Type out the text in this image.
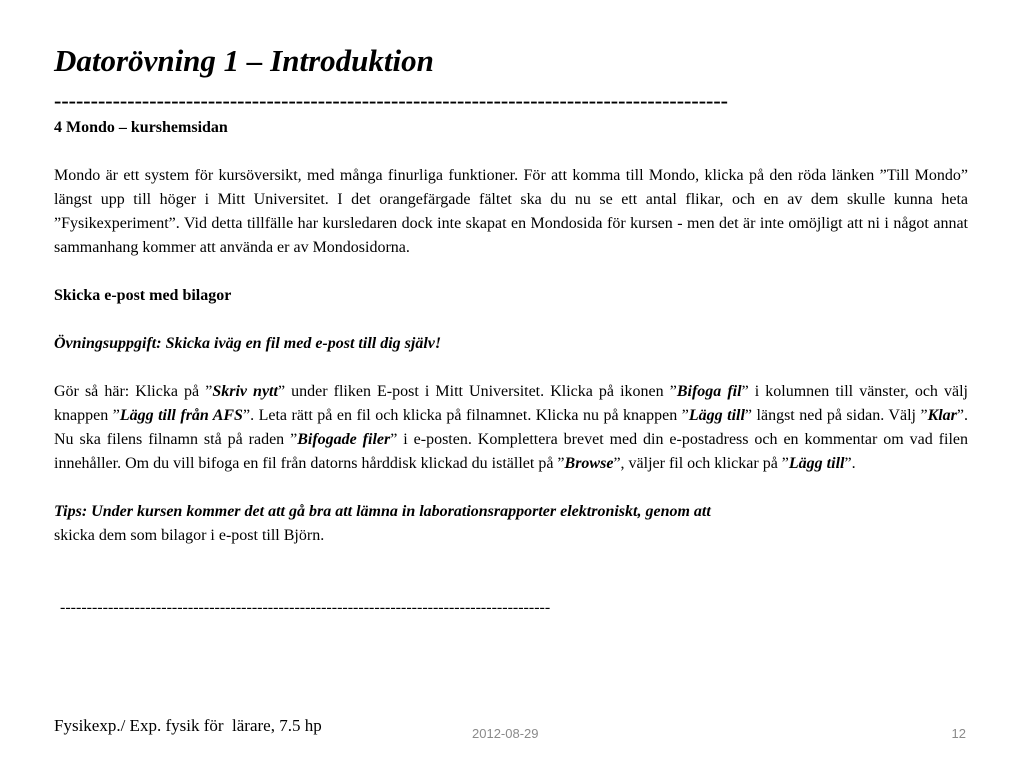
Datorövning 1 – Introduktion
--------------------------------------------------------------------------------------------

4 Mondo – kurshemsidan

Mondo är ett system för kursöversikt, med många finurliga funktioner. För att komma till Mondo, klicka på den röda länken ”Till Mondo” längst upp till höger i Mitt Universitet. I det orangefärgade fältet ska du nu se ett antal flikar, och en av dem skulle kunna heta ”Fysikexperiment”. Vid detta tillfälle har kursledaren dock inte skapat en Mondosida för kursen - men det är inte omöjligt att ni i något annat sammanhang kommer att använda er av Mondosidorna.

Skicka e-post med bilagor

Övningsuppgift: Skicka iväg en fil med e-post till dig själv!

Gör så här: Klicka på ”Skriv nytt” under fliken E-post i Mitt Universitet. Klicka på ikonen ”Bifoga fil” i kolumnen till vänster, och välj knappen ”Lägg till från AFS”. Leta rätt på en fil och klicka på filnamnet. Klicka nu på knappen ”Lägg till” längst ned på sidan. Välj ”Klar”. Nu ska filens filnamn stå på raden ”Bifogade filer” i e-posten. Komplettera brevet med din e-postadress och en kommentar om vad filen innehåller. Om du vill bifoga en fil från datorns hårddisk klickad du istället på ”Browse”, väljer fil och klickar på ”Lägg till”.

Tips: Under kursen kommer det att gå bra att lämna in laborationsrapporter elektroniskt, genom att
skicka dem som bilagor i e-post till Björn.

--------------------------------------------------------------------------------------------
Fysikexp./ Exp. fysik för  lärare, 7.5 hp	2012-08-29	12
